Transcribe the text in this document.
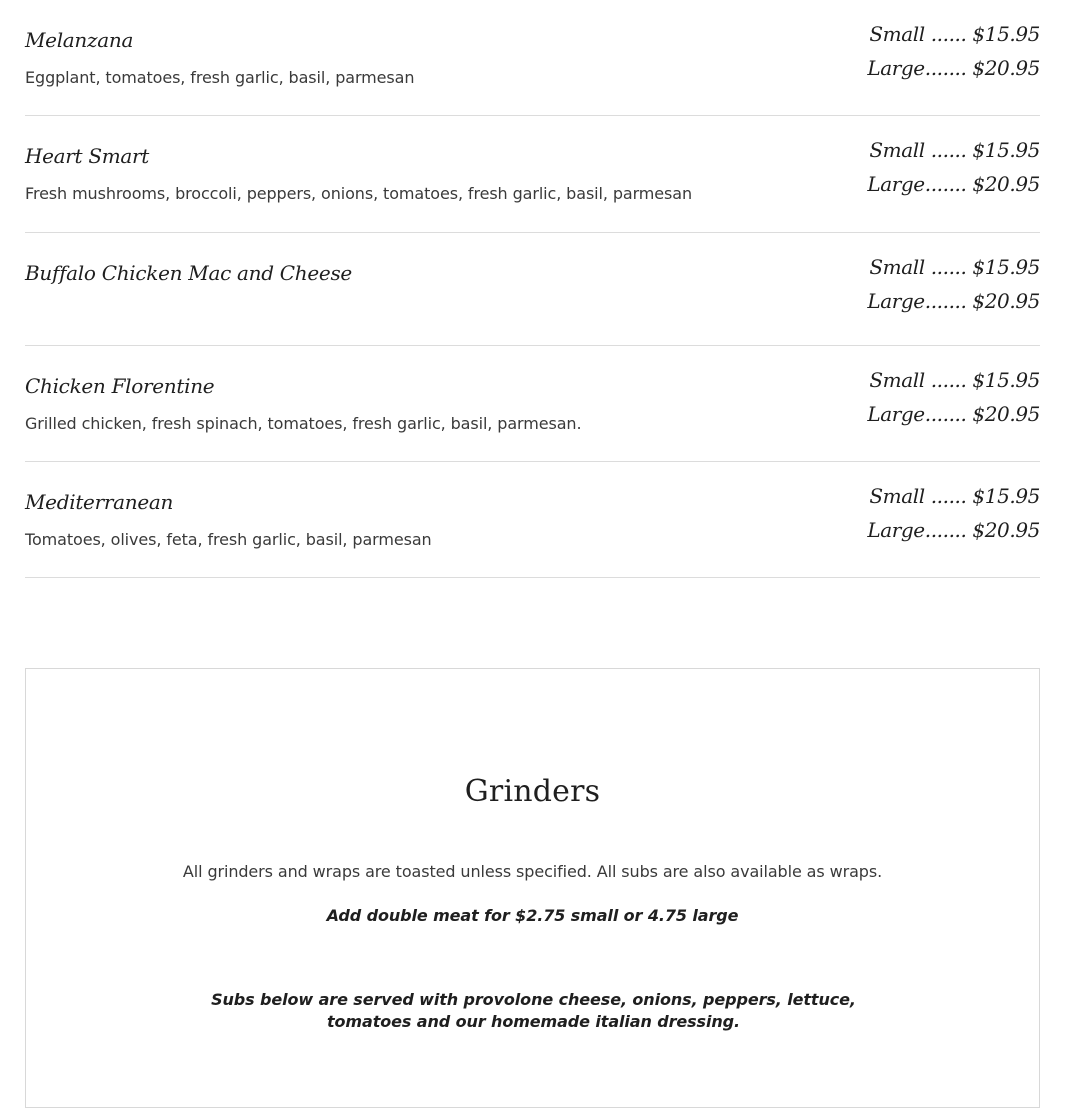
Melanzana

Eggplant, tomatoes, fresh garlic, basil, parmesan

Small ...... $15.95
Large....... $20.95
Heart Smart

Fresh mushrooms, broccoli, peppers, onions, tomatoes, fresh garlic, basil, parmesan

Small ...... $15.95
Large....... $20.95
Buffalo Chicken Mac and Cheese	Small ...... $15.95
Large....... $20.95
Chicken Florentine

Grilled chicken, fresh spinach, tomatoes, fresh garlic, basil, parmesan.

Small ...... $15.95
Large....... $20.95
Mediterranean

Tomatoes, olives, feta, fresh garlic, basil, parmesan

Small ...... $15.95
Large....... $20.95
Grinders

All grinders and wraps are toasted unless specified. All subs are also available as wraps.

Add double meat for $2.75 small or 4.75 large

Subs below are served with provolone cheese, onions, peppers, lettuce, tomatoes and our homemade italian dressing.
